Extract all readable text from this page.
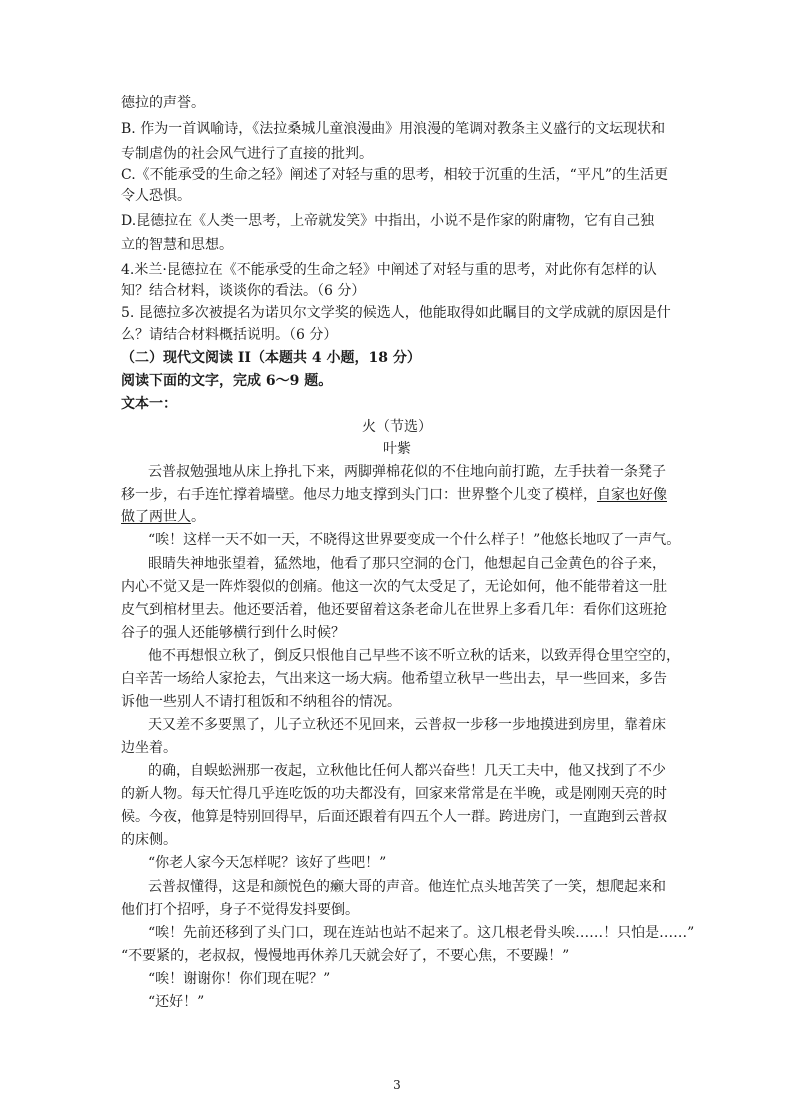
德拉的声誉。
B. 作为一首讽喻诗，《法拉桑城儿童浪漫曲》用浪漫的笔调对教条主义盛行的文坛现状和
专制虐伪的社会风气进行了直接的批判。
C.《不能承受的生命之轻》阐述了对轻与重的思考，相较于沉重的生活，“平凡”的生活更
令人恐惧。
D.昆德拉在《人类一思考，上帝就发笑》中指出，小说不是作家的附庸物，它有自己独
立的智慧和思想。
4.米兰·昆德拉在《不能承受的生命之轻》中阐述了对轻与重的思考，对此你有怎样的认
知？结合材料，谈谈你的看法。（6 分）
5. 昆德拉多次被提名为诺贝尔文学奖的候选人，他能取得如此瞩目的文学成就的原因是什
么？请结合材料概括说明。（6 分）
（二）现代文阅读 II（本题共 4 小题，18 分）
阅读下面的文字，完成 6～9 题。
文本一：
火（节选）
叶紫
云普叔勉强地从床上挣扎下来，两脚弹棉花似的不住地向前打跪，左手扶着一条凳子
移一步，右手连忙撑着墙壁。他尽力地支撑到头门口：世界整个儿变了模样，自家也好像
做了两世人。
“唉！这样一天不如一天，不晓得这世界要变成一个什么样子！”他悠长地叹了一声气。
眼睛失神地张望着，猛然地，他看了那只空洞的仓门，他想起自己金黄色的谷子来，
内心不觉又是一阵炸裂似的创痛。他这一次的气太受足了，无论如何，他不能带着这一肚
皮气到棺材里去。他还要活着，他还要留着这条老命儿在世界上多看几年：看你们这班抢
谷子的强人还能够横行到什么时候？
他不再想恨立秋了，倒反只恨他自己早些不该不听立秋的话来，以致弄得仓里空空的，
白辛苦一场给人家抢去，气出来这一场大病。他希望立秋早一些出去，早一些回来，多告
诉他一些别人不请打租饭和不纳租谷的情况。
天又差不多要黑了，儿子立秋还不见回来，云普叔一步移一步地摸进到房里，靠着床
边坐着。
的确，自蜈蚣洲那一夜起，立秋他比任何人都兴奋些！几天工夫中，他又找到了不少
的新人物。每天忙得几乎连吃饭的功夫都没有，回家来常常是在半晚，或是刚刚天亮的时
候。今夜，他算是特别回得早，后面还跟着有四五个人一群。跨进房门，一直跑到云普叔
的床侧。
“你老人家今天怎样呢？该好了些吧！”
云普叔懂得，这是和颜悦色的癞大哥的声音。他连忙点头地苦笑了一笑，想爬起来和
他们打个招呼，身子不觉得发抖要倒。
“唉！先前还移到了头门口，现在连站也站不起来了。这几根老骨头唉……！只怕是……”
“不要紧的，老叔叔，慢慢地再休养几天就会好了，不要心焦，不要躁！”
“唉！谢谢你！你们现在呢？”
“还好！”
3
